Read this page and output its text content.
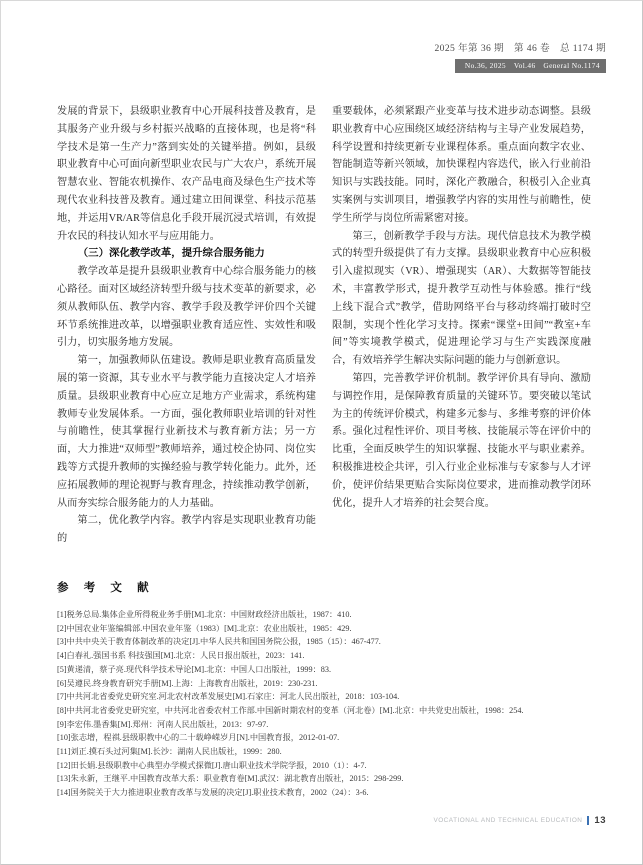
2025 年第 36 期　第 46 卷　总 1174 期
No.36, 2025　Vol.46　General No.1174

发展的背景下，县级职业教育中心开展科技普及教育，是其服务产业升级与乡村振兴战略的直接体现，也是将“科学技术是第一生产力”落到实处的关键举措。例如，县级职业教育中心可面向新型职业农民与广大农户，系统开展智慧农业、智能农机操作、农产品电商及绿色生产技术等现代农业科技普及教育。通过建立田间课堂、科技示范基地，并运用VR/AR等信息化手段开展沉浸式培训，有效提升农民的科技认知水平与应用能力。

（三）深化教学改革，提升综合服务能力

教学改革是提升县级职业教育中心综合服务能力的核心路径。面对区域经济转型升级与技术变革的新要求，必须从教师队伍、教学内容、教学手段及教学评价四个关键环节系统推进改革，以增强职业教育适应性、实效性和吸引力，切实服务地方发展。

第一，加强教师队伍建设。教师是职业教育高质量发展的第一资源，其专业水平与教学能力直接决定人才培养质量。县级职业教育中心应立足地方产业需求，系统构建教师专业发展体系。一方面，强化教师职业培训的针对性与前瞻性，使其掌握行业新技术与教育新方法；另一方面，大力推进“双师型”教师培养，通过校企协同、岗位实践等方式提升教师的实操经验与教学转化能力。此外，还应拓展教师的理论视野与教育理念，持续推动教学创新，从而夯实综合服务能力的人力基础。

第二，优化教学内容。教学内容是实现职业教育功能的

重要载体，必须紧跟产业变革与技术进步动态调整。县级职业教育中心应围绕区域经济结构与主导产业发展趋势，科学设置和持续更新专业课程体系。重点面向数字农业、智能制造等新兴领域，加快课程内容迭代，嵌入行业前沿知识与实践技能。同时，深化产教融合，积极引入企业真实案例与实训项目，增强教学内容的实用性与前瞻性，使学生所学与岗位所需紧密对接。

第三，创新教学手段与方法。现代信息技术为教学模式的转型升级提供了有力支撑。县级职业教育中心应积极引入虚拟现实（VR）、增强现实（AR）、大数据等智能技术，丰富教学形式，提升教学互动性与体验感。推行“线上线下混合式”教学，借助网络平台与移动终端打破时空限制，实现个性化学习支持。探索“课堂+田间”“教室+车间”等实境教学模式，促进理论学习与生产实践深度融合，有效培养学生解决实际问题的能力与创新意识。

第四，完善教学评价机制。教学评价具有导向、激励与调控作用，是保障教育质量的关键环节。要突破以笔试为主的传统评价模式，构建多元参与、多维考察的评价体系。强化过程性评价、项目考核、技能展示等在评价中的比重，全面反映学生的知识掌握、技能水平与职业素养。积极推进校企共评，引入行业企业标准与专家参与人才评价，使评价结果更贴合实际岗位要求，进而推动教学闭环优化，提升人才培养的社会契合度。

参 考 文 献
[1]税务总局.集体企业所得税业务手册[M].北京：中国财政经济出版社，1987：410.
[2]中国农业年鉴编辑部.中国农业年鉴（1983）[M].北京：农业出版社，1985：429.
[3]中共中央关于教育体制改革的决定[J].中华人民共和国国务院公报，1985（15）：467-477.
[4]白春礼.强国书系 科技强国[M].北京：人民日报出版社，2023：141.
[5]黄递清，蔡子亮.现代科学技术导论[M].北京：中国人口出版社，1999：83.
[6]吴遵民.终身教育研究手册[M].上海：上海教育出版社，2019：230-231.
[7]中共河北省委党史研究室.河北农村改革发展史[M].石家庄：河北人民出版社，2018：103-104.
[8]中共河北省委党史研究室，中共河北省委农村工作部.中国新时期农村的变革（河北卷）[M].北京：中共党史出版社，1998：254.
[9]李宏伟.墨香集[M].郑州：河南人民出版社，2013：97-97.
[10]张志增，程祺.县级职教中心的二十载峥嵘岁月[N].中国教育报，2012-01-07.
[11]刘正.摸石头过河集[M].长沙：湖南人民出版社，1999：280.
[12]田长娟.县级职教中心典型办学模式探微[J].唐山职业技术学院学报，2010（1）：4-7.
[13]朱永新，王继平.中国教育改革大系：职业教育卷[M].武汉：湖北教育出版社，2015：298-299.
[14]国务院关于大力推进职业教育改革与发展的决定[J].职业技术教育，2002（24）：3-6.
VOCATIONAL AND TECHNICAL EDUCATION 13
